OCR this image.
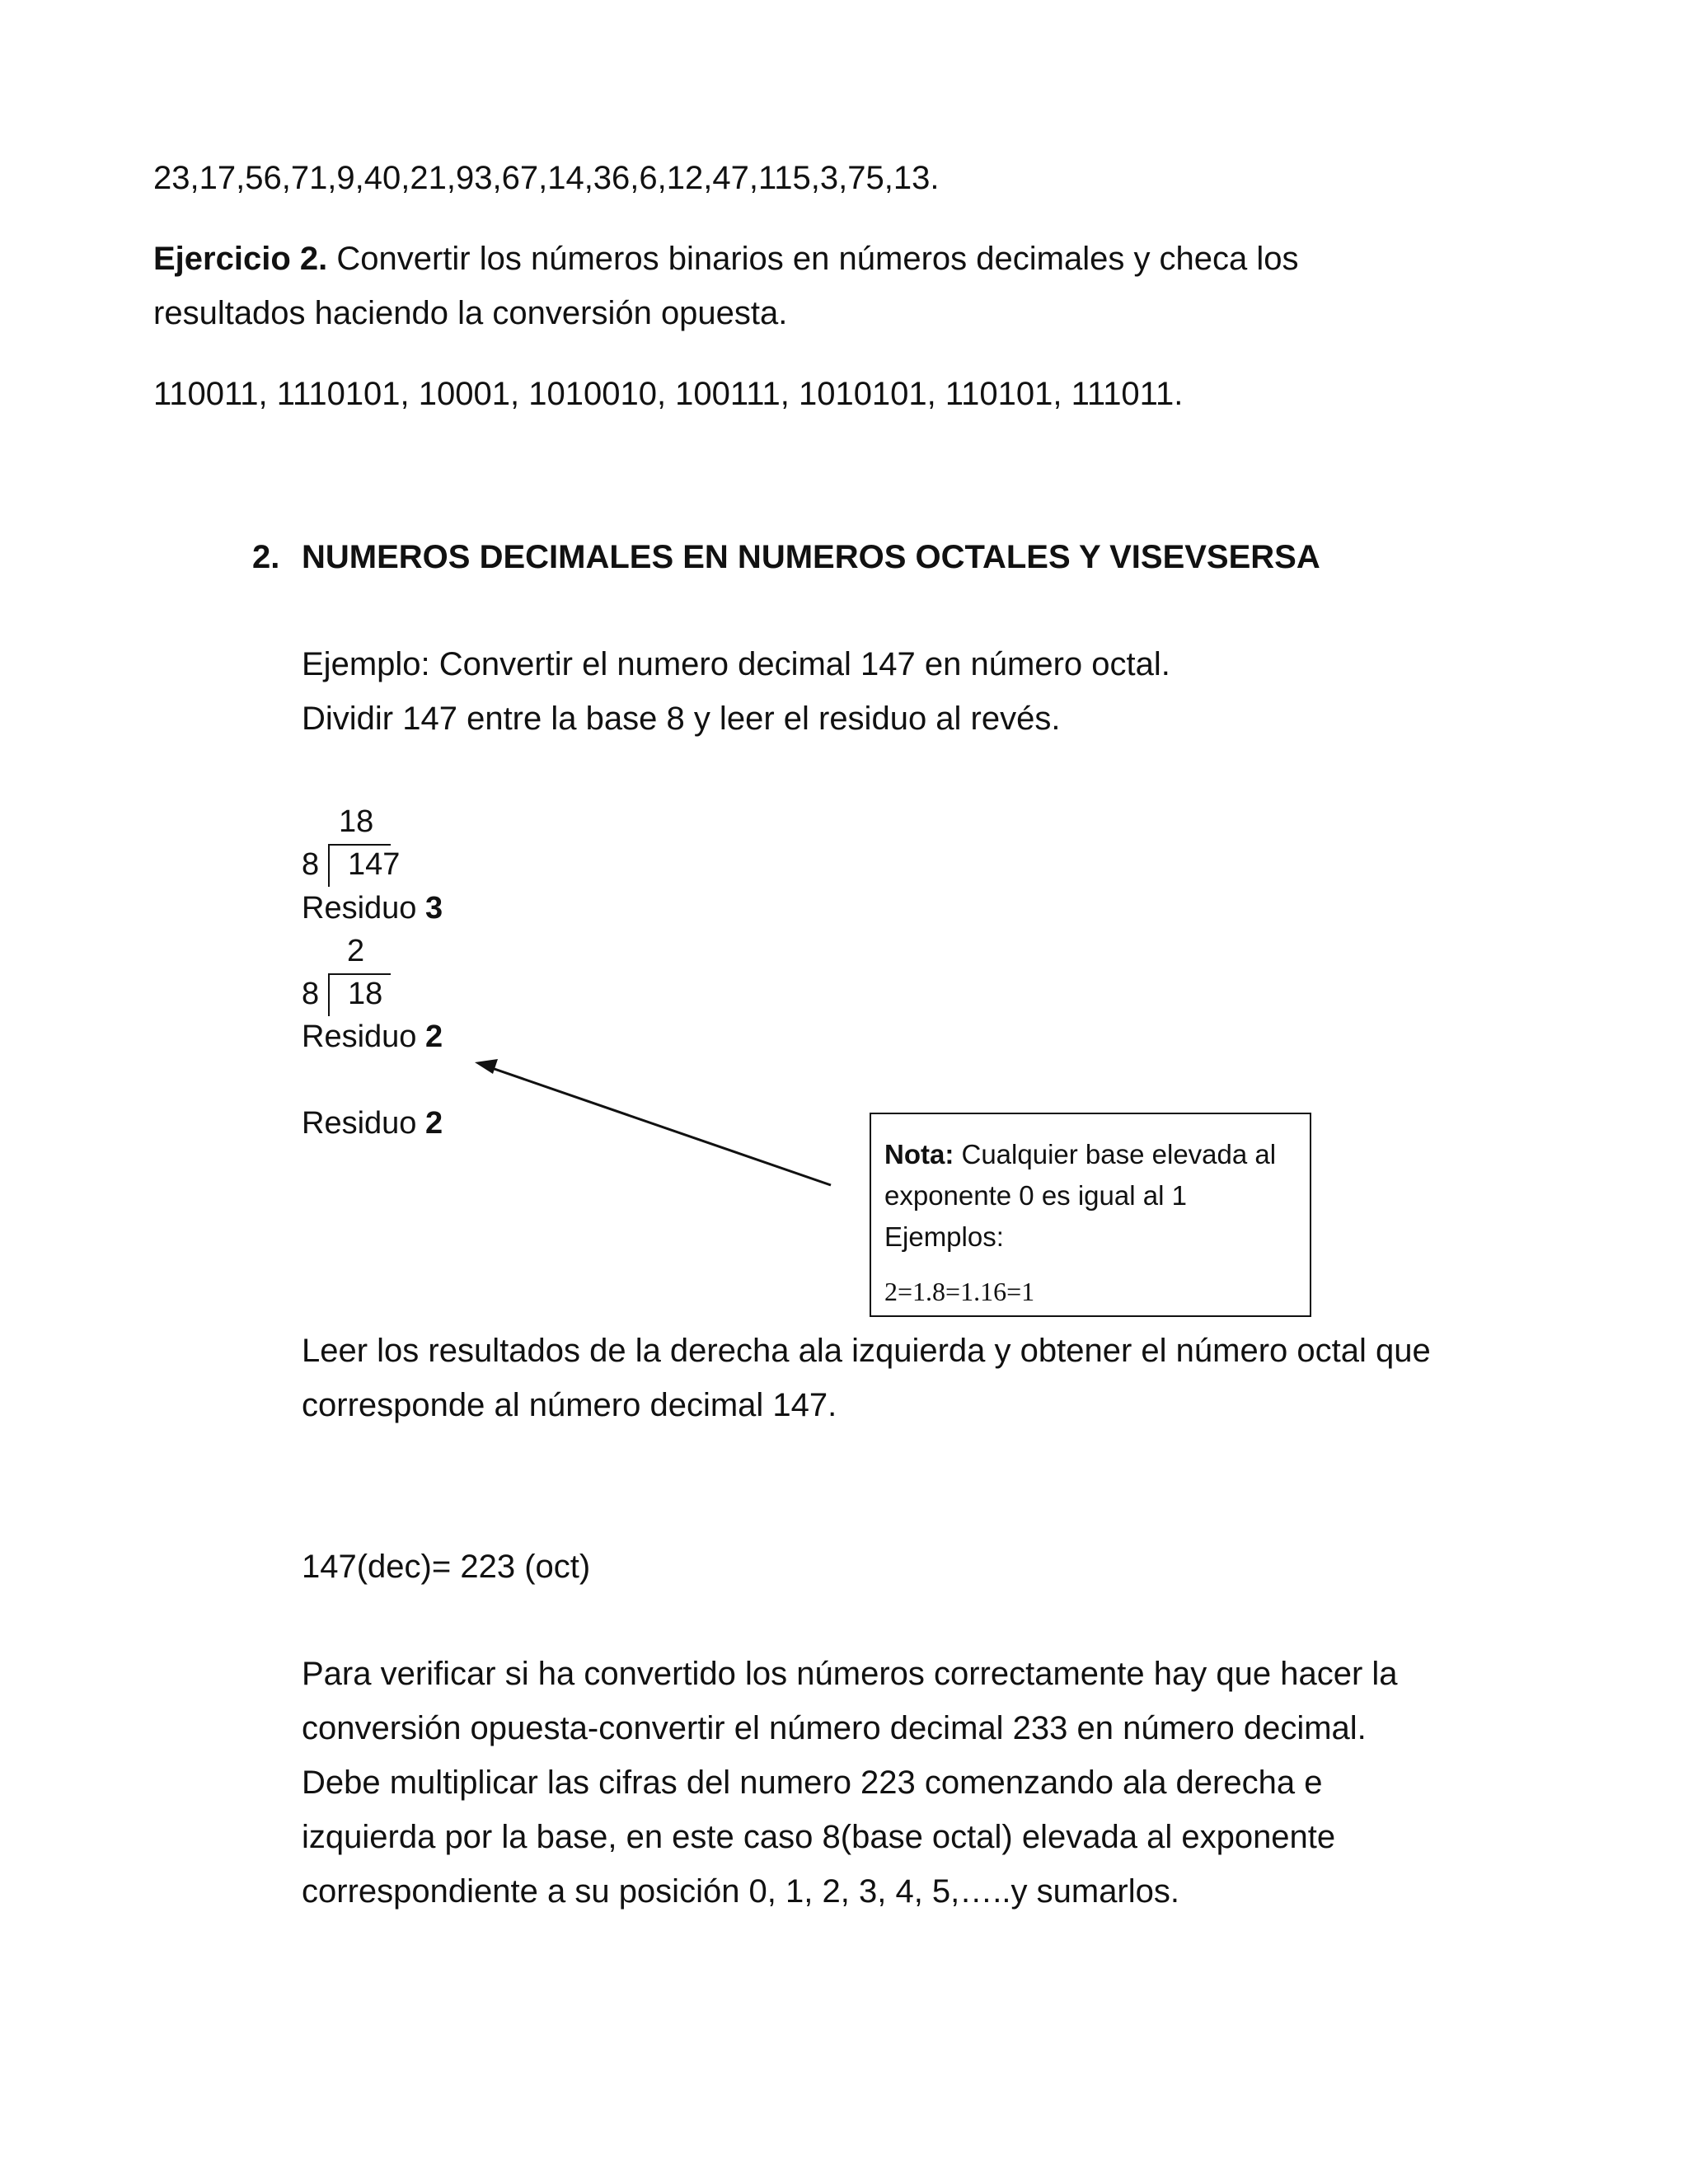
23,17,56,71,9,40,21,93,67,14,36,6,12,47,115,3,75,13.
Ejercicio 2. Convertir los números binarios en números decimales y checa los
resultados haciendo la conversión opuesta.
110011, 1110101, 10001, 1010010, 100111, 1010101, 110101, 111011.
2. NUMEROS DECIMALES EN NUMEROS OCTALES Y VISEVSERSA
Ejemplo: Convertir el numero decimal 147 en número octal.
Dividir 147 entre la base 8 y leer el residuo al revés.
18
8 147
Residuo 3
2
8 18
Residuo 2
Residuo 2
Nota: Cualquier base elevada al
exponente 0 es igual al 1
Ejemplos:
2=1.8=1.16=1
Leer los resultados de la derecha ala izquierda y obtener el número octal que
corresponde al número decimal 147.
147(dec)= 223 (oct)
Para verificar si ha convertido los números correctamente hay que hacer la
conversión opuesta-convertir el número decimal 233 en número decimal.
Debe multiplicar las cifras del numero 223 comenzando ala derecha e
izquierda por la base, en este caso 8(base octal) elevada al exponente
correspondiente a su posición 0, 1, 2, 3, 4, 5,…..y sumarlos.
